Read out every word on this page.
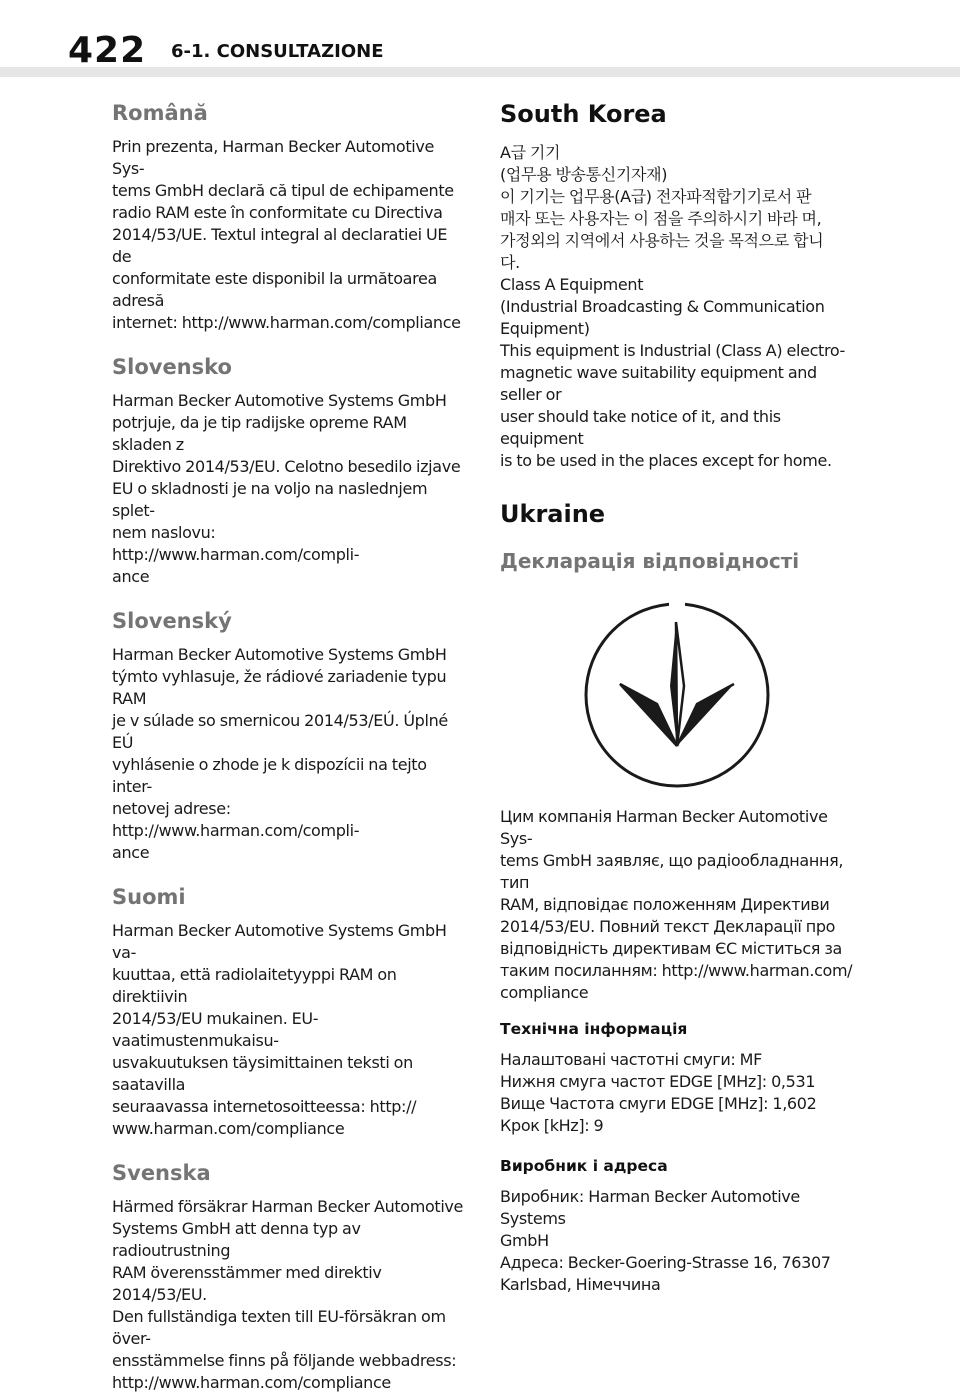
422 6-1. CONSULTAZIONE
Română

Prin prezenta, Harman Becker Automotive Sys-
tems GmbH declară că tipul de echipamente
radio RAM este în conformitate cu Directiva
2014/53/UE. Textul integral al declaratiei UE de
conformitate este disponibil la următoarea adresă
internet: http://www.harman.com/compliance

Slovensko

Harman Becker Automotive Systems GmbH
potrjuje, da je tip radijske opreme RAM skladen z
Direktivo 2014/53/EU. Celotno besedilo izjave
EU o skladnosti je na voljo na naslednjem splet-
nem naslovu: http://www.harman.com/compli-
ance

Slovenský

Harman Becker Automotive Systems GmbH
týmto vyhlasuje, že rádiové zariadenie typu RAM
je v súlade so smernicou 2014/53/EÚ. Úplné EÚ
vyhlásenie o zhode je k dispozícii na tejto inter-
netovej adrese: http://www.harman.com/compli-
ance

Suomi

Harman Becker Automotive Systems GmbH va-
kuuttaa, että radiolaitetyyppi RAM on direktiivin
2014/53/EU mukainen. EU-vaatimustenmukaisu-
usvakuutuksen täysimittainen teksti on saatavilla
seuraavassa internetosoitteessa: http://
www.harman.com/compliance

Svenska

Härmed försäkrar Harman Becker Automotive
Systems GmbH att denna typ av radioutrustning
RAM överensstämmer med direktiv 2014/53/EU.
Den fullständiga texten till EU-försäkran om över-
ensstämmelse finns på följande webbadress:
http://www.harman.com/compliance

South Korea

A급 기기

(업무용 방송통신기자재)

이 기기는 업무용(A급) 전자파적합기기로서 판
매자 또는 사용자는 이 점을 주의하시기 바라 며,
가정외의 지역에서 사용하는 것을 목적으로 합니
다.

Class A Equipment

(Industrial Broadcasting & Communication
Equipment)

This equipment is Industrial (Class A) electro-
magnetic wave suitability equipment and seller or
user should take notice of it, and this equipment
is to be used in the places except for home.

Ukraine
Декларація відповідності

Цим компанія Harman Becker Automotive Sys-
tems GmbH заявляє, що радіообладнання, тип
RAM, відповідає положенням Директиви
2014/53/EU. Повний текст Декларації про
відповідність директивам ЄС міститься за
таким посиланням: http://www.harman.com/
compliance

Технічна інформація

Налаштовані частотні смуги: MF

Нижня смуга частот EDGE [MHz]: 0,531

Вище Частота смуги EDGE [MHz]: 1,602

Крок [kHz]: 9

Виробник і адреса

Виробник: Harman Becker Automotive Systems
GmbH

Адреса: Becker-Goering-Strasse 16, 76307
Karlsbad, Німеччина
